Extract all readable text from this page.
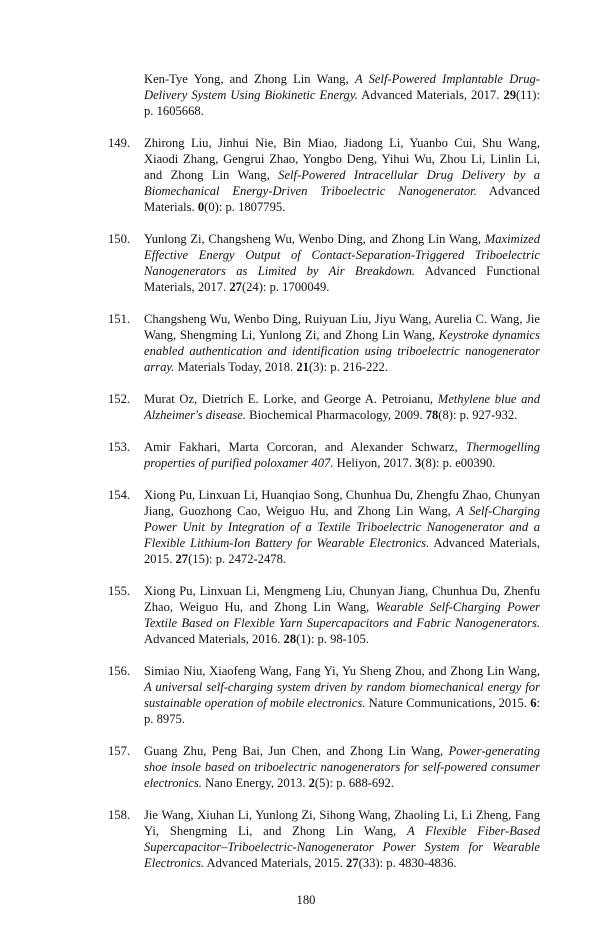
Ken-Tye Yong, and Zhong Lin Wang, A Self-Powered Implantable Drug-Delivery System Using Biokinetic Energy. Advanced Materials, 2017. 29(11): p. 1605668.
149. Zhirong Liu, Jinhui Nie, Bin Miao, Jiadong Li, Yuanbo Cui, Shu Wang, Xiaodi Zhang, Gengrui Zhao, Yongbo Deng, Yihui Wu, Zhou Li, Linlin Li, and Zhong Lin Wang, Self-Powered Intracellular Drug Delivery by a Biomechanical Energy-Driven Triboelectric Nanogenerator. Advanced Materials. 0(0): p. 1807795.
150. Yunlong Zi, Changsheng Wu, Wenbo Ding, and Zhong Lin Wang, Maximized Effective Energy Output of Contact-Separation-Triggered Triboelectric Nanogenerators as Limited by Air Breakdown. Advanced Functional Materials, 2017. 27(24): p. 1700049.
151. Changsheng Wu, Wenbo Ding, Ruiyuan Liu, Jiyu Wang, Aurelia C. Wang, Jie Wang, Shengming Li, Yunlong Zi, and Zhong Lin Wang, Keystroke dynamics enabled authentication and identification using triboelectric nanogenerator array. Materials Today, 2018. 21(3): p. 216-222.
152. Murat Oz, Dietrich E. Lorke, and George A. Petroianu, Methylene blue and Alzheimer's disease. Biochemical Pharmacology, 2009. 78(8): p. 927-932.
153. Amir Fakhari, Marta Corcoran, and Alexander Schwarz, Thermogelling properties of purified poloxamer 407. Heliyon, 2017. 3(8): p. e00390.
154. Xiong Pu, Linxuan Li, Huanqiao Song, Chunhua Du, Zhengfu Zhao, Chunyan Jiang, Guozhong Cao, Weiguo Hu, and Zhong Lin Wang, A Self-Charging Power Unit by Integration of a Textile Triboelectric Nanogenerator and a Flexible Lithium-Ion Battery for Wearable Electronics. Advanced Materials, 2015. 27(15): p. 2472-2478.
155. Xiong Pu, Linxuan Li, Mengmeng Liu, Chunyan Jiang, Chunhua Du, Zhenfu Zhao, Weiguo Hu, and Zhong Lin Wang, Wearable Self-Charging Power Textile Based on Flexible Yarn Supercapacitors and Fabric Nanogenerators. Advanced Materials, 2016. 28(1): p. 98-105.
156. Simiao Niu, Xiaofeng Wang, Fang Yi, Yu Sheng Zhou, and Zhong Lin Wang, A universal self-charging system driven by random biomechanical energy for sustainable operation of mobile electronics. Nature Communications, 2015. 6: p. 8975.
157. Guang Zhu, Peng Bai, Jun Chen, and Zhong Lin Wang, Power-generating shoe insole based on triboelectric nanogenerators for self-powered consumer electronics. Nano Energy, 2013. 2(5): p. 688-692.
158. Jie Wang, Xiuhan Li, Yunlong Zi, Sihong Wang, Zhaoling Li, Li Zheng, Fang Yi, Shengming Li, and Zhong Lin Wang, A Flexible Fiber-Based Supercapacitor–Triboelectric-Nanogenerator Power System for Wearable Electronics. Advanced Materials, 2015. 27(33): p. 4830-4836.
180
